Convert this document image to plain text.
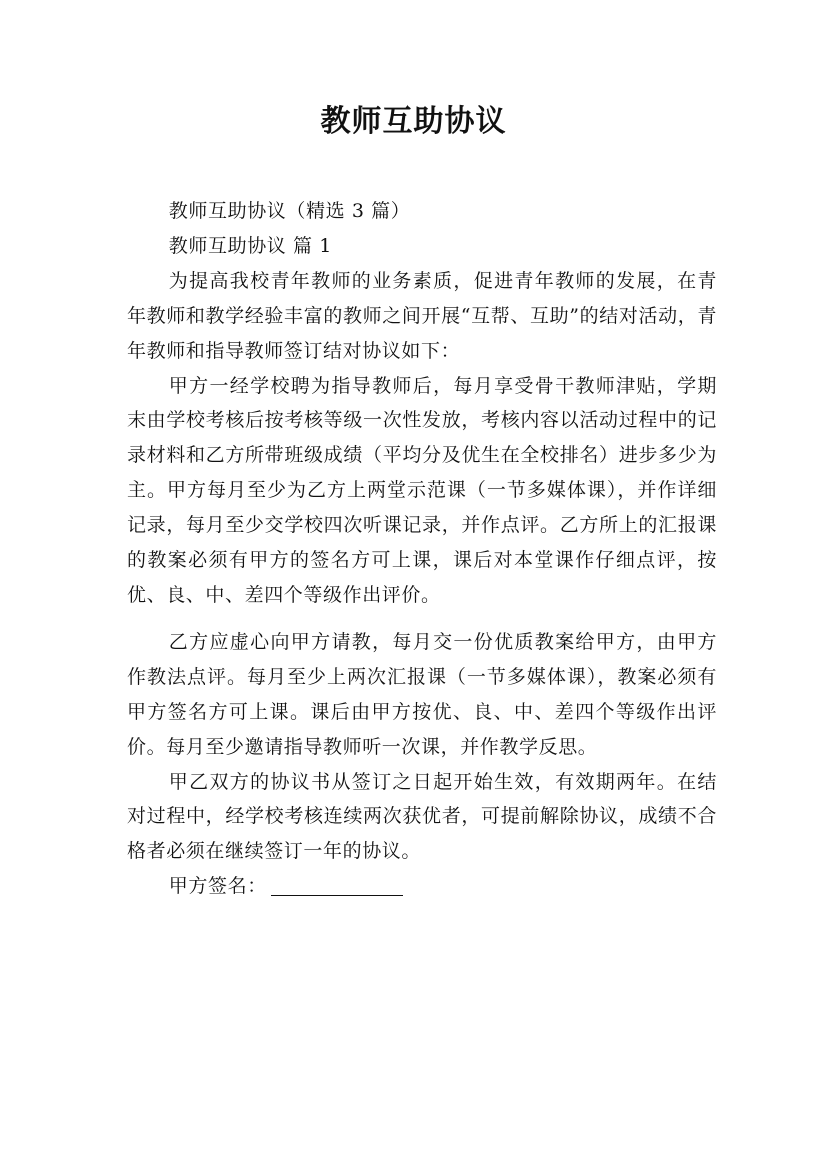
教师互助协议

教师互助协议（精选 3 篇）

教师互助协议 篇 1

为提高我校青年教师的业务素质，促进青年教师的发展，在青年教师和教学经验丰富的教师之间开展“互帮、互助”的结对活动，青年教师和指导教师签订结对协议如下：

甲方一经学校聘为指导教师后，每月享受骨干教师津贴，学期末由学校考核后按考核等级一次性发放，考核内容以活动过程中的记录材料和乙方所带班级成绩（平均分及优生在全校排名）进步多少为主。甲方每月至少为乙方上两堂示范课（一节多媒体课），并作详细记录，每月至少交学校四次听课记录，并作点评。乙方所上的汇报课的教案必须有甲方的签名方可上课，课后对本堂课作仔细点评，按优、良、中、差四个等级作出评价。

乙方应虚心向甲方请教，每月交一份优质教案给甲方，由甲方作教法点评。每月至少上两次汇报课（一节多媒体课），教案必须有甲方签名方可上课。课后由甲方按优、良、中、差四个等级作出评价。每月至少邀请指导教师听一次课，并作教学反思。

甲乙双方的协议书从签订之日起开始生效，有效期两年。在结对过程中，经学校考核连续两次获优者，可提前解除协议，成绩不合格者必须在继续签订一年的协议。

甲方签名：
